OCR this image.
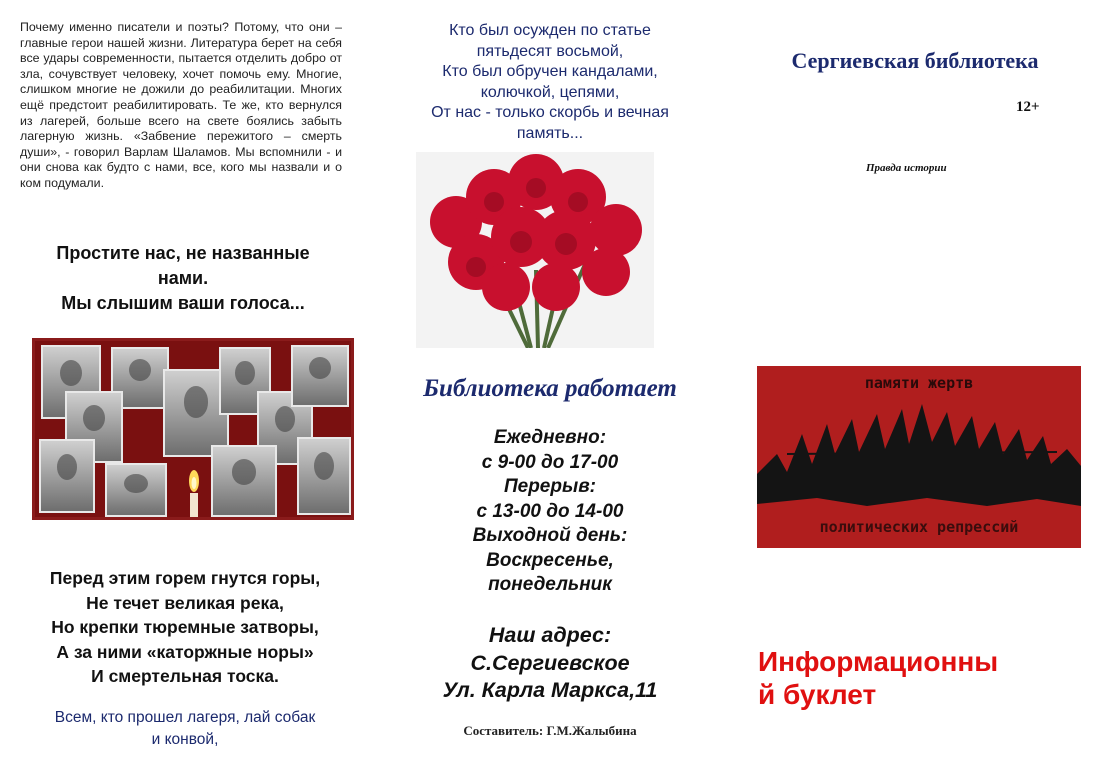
Почему именно писатели и поэты? Потому, что они – главные герои нашей жизни. Литература берет на себя все удары современности, пытается отделить добро от зла, сочувствует человеку, хочет помочь ему. Многие, слишком многие не дожили до реабилитации. Многих ещё предстоит реабилитировать. Те же, кто вернулся из лагерей, больше всего на свете боялись забыть лагерную жизнь. «Забвение пережитого – смерть души», - говорил Варлам Шаламов. Мы вспомнили - и они снова как будто с нами, все, кого мы назвали и о ком подумали.

Простите нас, не названные
нами.
Мы слышим ваши голоса...

Перед этим горем гнутся горы,
Не течет великая река,
Но крепки тюремные затворы,
А за ними «каторжные норы»
И смертельная тоска.

Всем, кто прошел лагеря, лай собак
и конвой,

Кто был осужден по статье
пятьдесят восьмой,
Кто был обручен кандалами,
колючкой, цепями,
От нас - только скорбь и вечная
память...

Библиотека работает

Ежедневно:
с 9-00 до 17-00
Перерыв:
с 13-00 до 14-00
Выходной день:
Воскресенье,
понедельник

Наш адрес:
С.Сергиевское
Ул. Карла Маркса,11

Составитель: Г.М.Жалыбина

Сергиевская библиотека

12+

Правда истории

памяти жертв

политических репрессий

Информационны
й буклет
